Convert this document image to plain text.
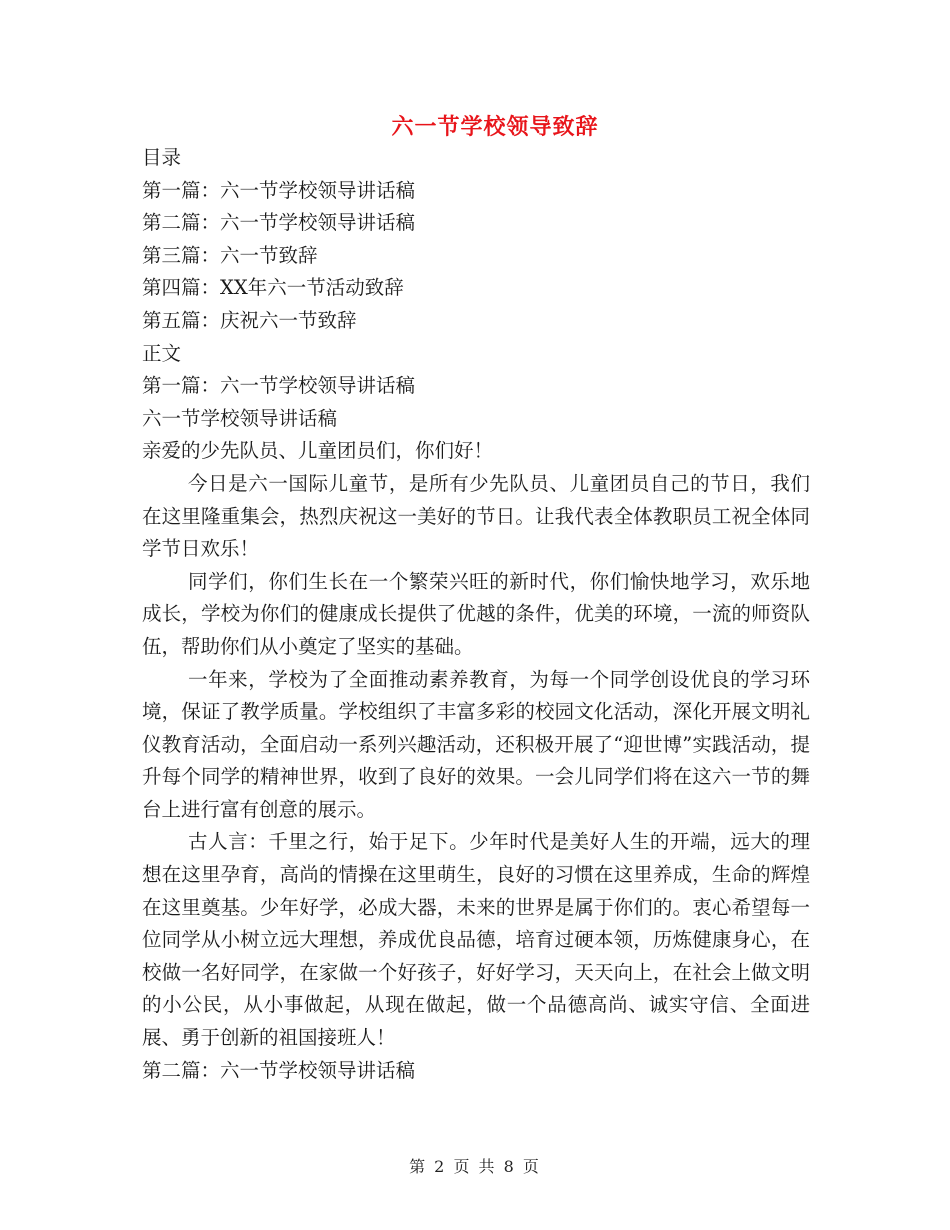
六一节学校领导致辞

目录

第一篇：六一节学校领导讲话稿

第二篇：六一节学校领导讲话稿

第三篇：六一节致辞

第四篇：XX年六一节活动致辞

第五篇：庆祝六一节致辞

正文

第一篇：六一节学校领导讲话稿

六一节学校领导讲话稿

亲爱的少先队员、儿童团员们，你们好！

今日是六一国际儿童节，是所有少先队员、儿童团员自己的节日，我们在这里隆重集会，热烈庆祝这一美好的节日。让我代表全体教职员工祝全体同学节日欢乐！

同学们，你们生长在一个繁荣兴旺的新时代，你们愉快地学习，欢乐地成长，学校为你们的健康成长提供了优越的条件，优美的环境，一流的师资队伍，帮助你们从小奠定了坚实的基础。

一年来，学校为了全面推动素养教育，为每一个同学创设优良的学习环境，保证了教学质量。学校组织了丰富多彩的校园文化活动，深化开展文明礼仪教育活动，全面启动一系列兴趣活动，还积极开展了“迎世博”实践活动，提升每个同学的精神世界，收到了良好的效果。一会儿同学们将在这六一节的舞台上进行富有创意的展示。

古人言：千里之行，始于足下。少年时代是美好人生的开端，远大的理想在这里孕育，高尚的情操在这里萌生，良好的习惯在这里养成，生命的辉煌在这里奠基。少年好学，必成大器，未来的世界是属于你们的。衷心希望每一位同学从小树立远大理想，养成优良品德，培育过硬本领，历炼健康身心，在校做一名好同学，在家做一个好孩子，好好学习，天天向上，在社会上做文明的小公民，从小事做起，从现在做起，做一个品德高尚、诚实守信、全面进展、勇于创新的祖国接班人！

第二篇：六一节学校领导讲话稿

第 2 页 共 8 页
